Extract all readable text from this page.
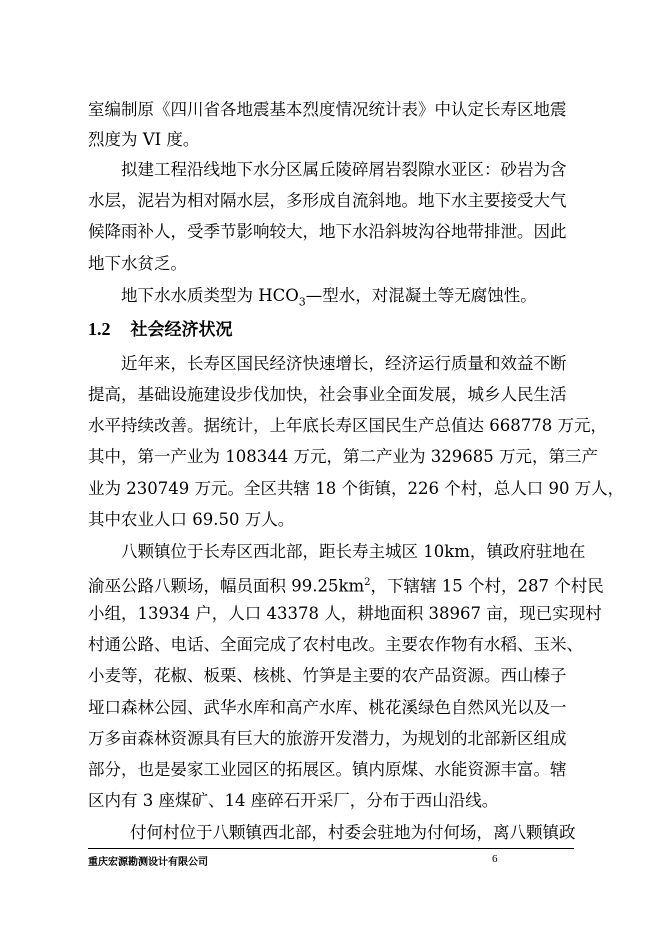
室编制原《四川省各地震基本烈度情况统计表》中认定长寿区地震
烈度为 VI 度。
拟建工程沿线地下水分区属丘陵碎屑岩裂隙水亚区：砂岩为含
水层，泥岩为相对隔水层，多形成自流斜地。地下水主要接受大气
候降雨补人，受季节影响较大，地下水沿斜坡沟谷地带排泄。因此
地下水贫乏。
地下水水质类型为 $HCO_3—$型水，对混凝土等无腐蚀性。
1.2 社会经济状况
近年来，长寿区国民经济快速增长，经济运行质量和效益不断
提高，基础设施建设步伐加快，社会事业全面发展，城乡人民生活
水平持续改善。据统计，上年底长寿区国民生产总值达 668778 万元，
其中，第一产业为 108344 万元，第二产业为 329685 万元，第三产
业为 230749 万元。全区共辖 18 个街镇，226 个村，总人口 90 万人，
其中农业人口 69.50 万人。
八颗镇位于长寿区西北部，距长寿主城区 10km，镇政府驻地在
渝巫公路八颗场，幅员面积 $99.25km^2$，下辖辖 15 个村，287 个村民
小组，13934 户，人口 43378 人，耕地面积 38967 亩，现已实现村
村通公路、电话、全面完成了农村电改。主要农作物有水稻、玉米、
小麦等，花椒、板栗、核桃、竹笋是主要的农产品资源。西山榛子
垭口森林公园、武华水库和高产水库、桃花溪绿色自然风光以及一
万多亩森林资源具有巨大的旅游开发潜力，为规划的北部新区组成
部分，也是晏家工业园区的拓展区。镇内原煤、水能资源丰富。辖
区内有 3 座煤矿、14 座碎石开采厂，分布于西山沿线。
付何村位于八颗镇西北部，村委会驻地为付何场，离八颗镇政
重庆宏源勘测设计有限公司	6
